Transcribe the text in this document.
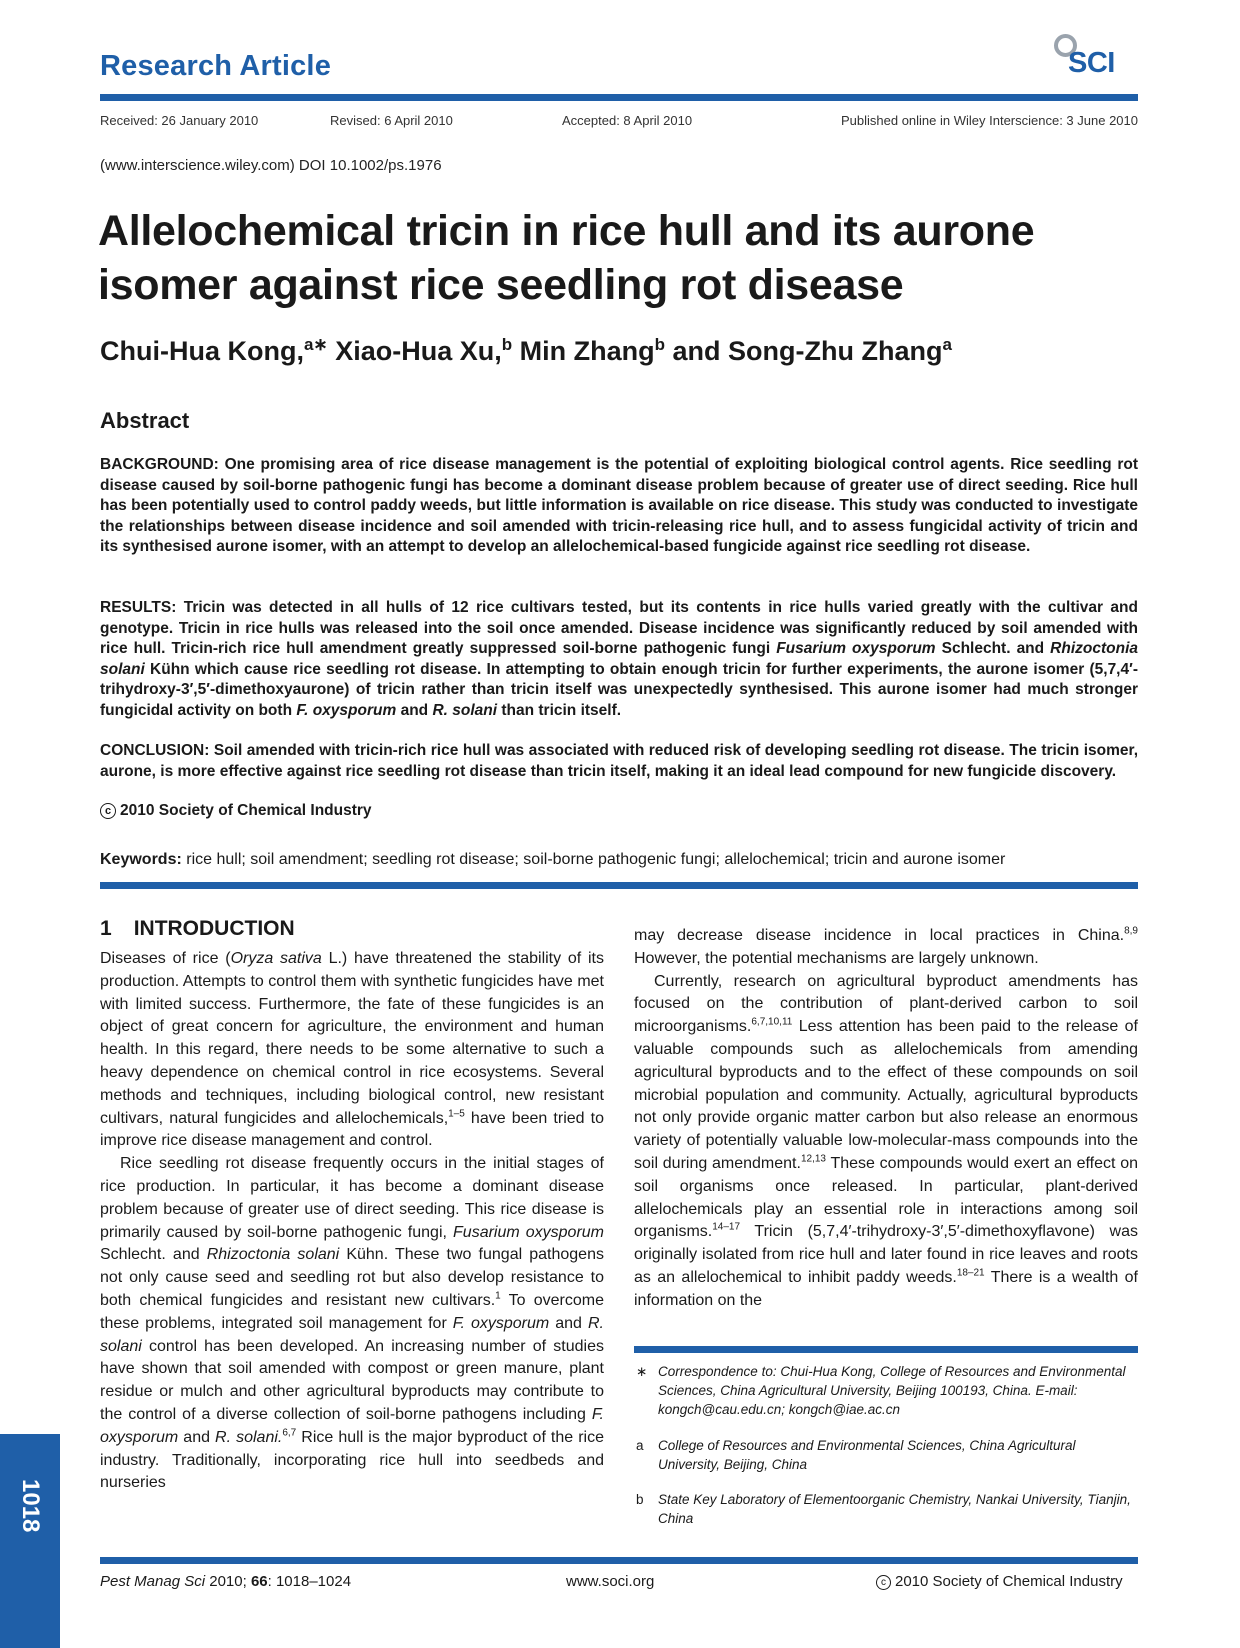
Research Article	SCI
Received: 26 January 2010	Revised: 6 April 2010	Accepted: 8 April 2010	Published online in Wiley Interscience: 3 June 2010
(www.interscience.wiley.com) DOI 10.1002/ps.1976
Allelochemical tricin in rice hull and its aurone isomer against rice seedling rot disease
Chui-Hua Kong,$^{a∗}$ Xiao-Hua Xu,$^b$ Min Zhang$^b$ and Song-Zhu Zhang$^a$
Abstract

BACKGROUND: One promising area of rice disease management is the potential of exploiting biological control agents. Rice seedling rot disease caused by soil-borne pathogenic fungi has become a dominant disease problem because of greater use of direct seeding. Rice hull has been potentially used to control paddy weeds, but little information is available on rice disease. This study was conducted to investigate the relationships between disease incidence and soil amended with tricin-releasing rice hull, and to assess fungicidal activity of tricin and its synthesised aurone isomer, with an attempt to develop an allelochemical-based fungicide against rice seedling rot disease.

RESULTS: Tricin was detected in all hulls of 12 rice cultivars tested, but its contents in rice hulls varied greatly with the cultivar and genotype. Tricin in rice hulls was released into the soil once amended. Disease incidence was significantly reduced by soil amended with rice hull. Tricin-rich rice hull amendment greatly suppressed soil-borne pathogenic fungi Fusarium oxysporum Schlecht. and Rhizoctonia solani Kühn which cause rice seedling rot disease. In attempting to obtain enough tricin for further experiments, the aurone isomer (5,7,4′-trihydroxy-3′,5′-dimethoxyaurone) of tricin rather than tricin itself was unexpectedly synthesised. This aurone isomer had much stronger fungicidal activity on both F. oxysporum and R. solani than tricin itself.

CONCLUSION: Soil amended with tricin-rich rice hull was associated with reduced risk of developing seedling rot disease. The tricin isomer, aurone, is more effective against rice seedling rot disease than tricin itself, making it an ideal lead compound for new fungicide discovery.

c 2010 Society of Chemical Industry
Keywords: rice hull; soil amendment; seedling rot disease; soil-borne pathogenic fungi; allelochemical; tricin and aurone isomer
1 INTRODUCTION

Diseases of rice (Oryza sativa L.) have threatened the stability of its production. Attempts to control them with synthetic fungicides have met with limited success. Furthermore, the fate of these fungicides is an object of great concern for agriculture, the environment and human health. In this regard, there needs to be some alternative to such a heavy dependence on chemical control in rice ecosystems. Several methods and techniques, including biological control, new resistant cultivars, natural fungicides and allelochemicals,$^{1-5}$ have been tried to improve rice disease management and control.

Rice seedling rot disease frequently occurs in the initial stages of rice production. In particular, it has become a dominant disease problem because of greater use of direct seeding. This rice disease is primarily caused by soil-borne pathogenic fungi, Fusarium oxysporum Schlecht. and Rhizoctonia solani Kühn. These two fungal pathogens not only cause seed and seedling rot but also develop resistance to both chemical fungicides and resistant new cultivars.$^1$ To overcome these problems, integrated soil management for F. oxysporum and R. solani control has been developed. An increasing number of studies have shown that soil amended with compost or green manure, plant residue or mulch and other agricultural byproducts may contribute to the control of a diverse collection of soil-borne pathogens including F. oxysporum and R. solani.$^{6,7}$ Rice hull is the major byproduct of the rice industry. Traditionally, incorporating rice hull into seedbeds and nurseries

may decrease disease incidence in local practices in China.$^{8,9}$ However, the potential mechanisms are largely unknown.

Currently, research on agricultural byproduct amendments has focused on the contribution of plant-derived carbon to soil microorganisms.$^{6,7,10,11}$ Less attention has been paid to the release of valuable compounds such as allelochemicals from amending agricultural byproducts and to the effect of these compounds on soil microbial population and community. Actually, agricultural byproducts not only provide organic matter carbon but also release an enormous variety of potentially valuable low-molecular-mass compounds into the soil during amendment.$^{12,13}$ These compounds would exert an effect on soil organisms once released. In particular, plant-derived allelochemicals play an essential role in interactions among soil organisms.$^{14-17}$ Tricin (5,7,4′-trihydroxy-3′,5′-dimethoxyflavone) was originally isolated from rice hull and later found in rice leaves and roots as an allelochemical to inhibit paddy weeds.$^{18-21}$ There is a wealth of information on the

∗ Correspondence to: Chui-Hua Kong, College of Resources and Environmental Sciences, China Agricultural University, Beijing 100193, China. E-mail: kongch@cau.edu.cn; kongch@iae.ac.cn
a College of Resources and Environmental Sciences, China Agricultural University, Beijing, China
b State Key Laboratory of Elementoorganic Chemistry, Nankai University, Tianjin, China
1018
Pest Manag Sci 2010; 66: 1018–1024	www.soci.org	c 2010 Society of Chemical Industry
